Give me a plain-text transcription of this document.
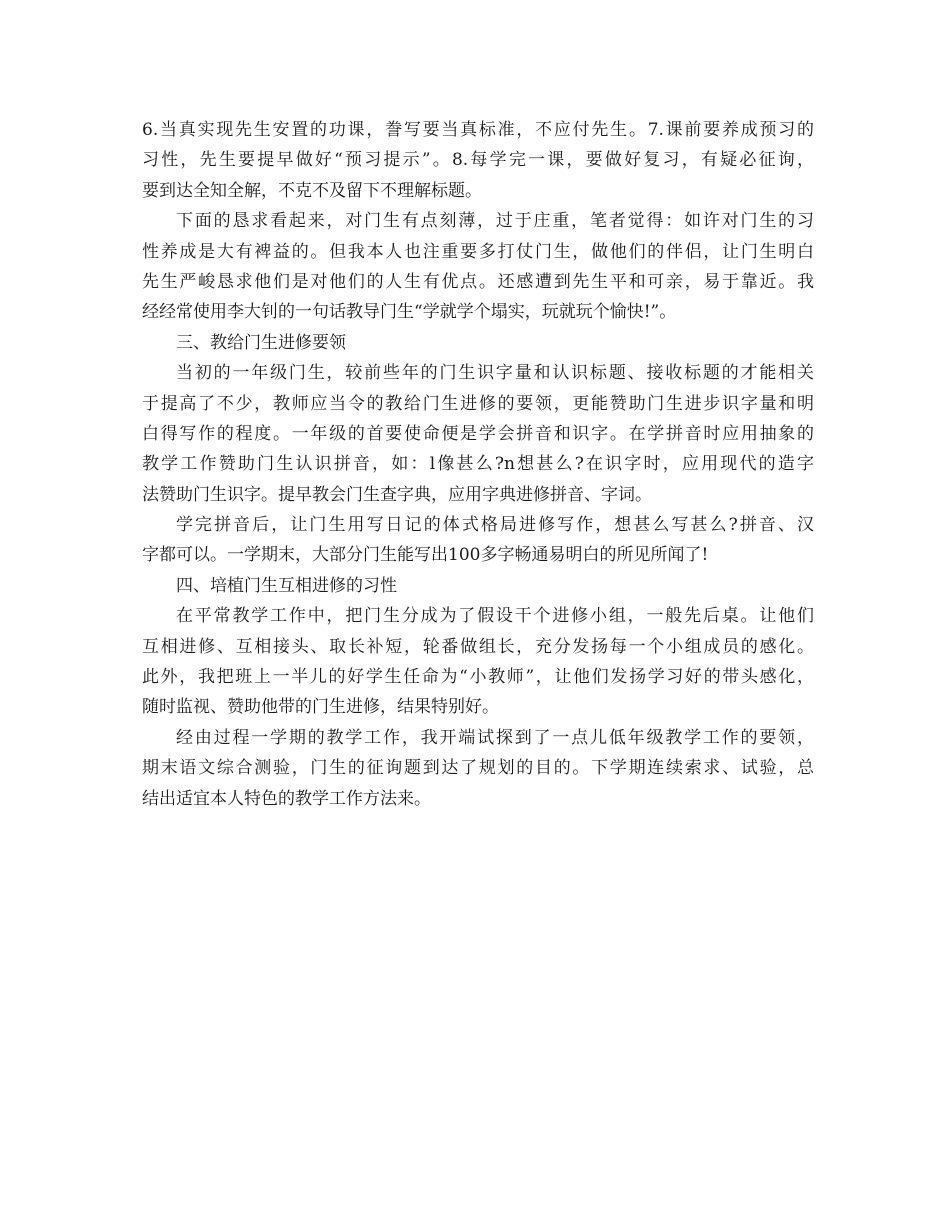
6.当真实现先生安置的功课，誊写要当真标准，不应付先生。7.课前要养成预习的
习性，先生要提早做好“预习提示”。8.每学完一课，要做好复习，有疑必征询，
要到达全知全解，不克不及留下不理解标题。
下面的恳求看起来，对门生有点刻薄，过于庄重，笔者觉得：如许对门生的习
性养成是大有裨益的。但我本人也注重要多打仗门生，做他们的伴侣，让门生明白
先生严峻恳求他们是对他们的人生有优点。还感遭到先生平和可亲，易于靠近。我
经经常使用李大钊的一句话教导门生“学就学个塌实，玩就玩个愉快!”。
三、教给门生进修要领
当初的一年级门生，较前些年的门生识字量和认识标题、接收标题的才能相关
于提高了不少，教师应当令的教给门生进修的要领，更能赞助门生进步识字量和明
白得写作的程度。一年级的首要使命便是学会拼音和识字。在学拼音时应用抽象的
教学工作赞助门生认识拼音，如：l像甚么?n想甚么?在识字时，应用现代的造字
法赞助门生识字。提早教会门生查字典，应用字典进修拼音、字词。
学完拼音后，让门生用写日记的体式格局进修写作，想甚么写甚么?拼音、汉
字都可以。一学期末，大部分门生能写出100多字畅通易明白的所见所闻了!
四、培植门生互相进修的习性
在平常教学工作中，把门生分成为了假设干个进修小组，一般先后桌。让他们
互相进修、互相接头、取长补短，轮番做组长，充分发扬每一个小组成员的感化。
此外，我把班上一半儿的好学生任命为“小教师”，让他们发扬学习好的带头感化，
随时监视、赞助他带的门生进修，结果特别好。
经由过程一学期的教学工作，我开端试探到了一点儿低年级教学工作的要领，
期末语文综合测验，门生的征询题到达了规划的目的。下学期连续索求、试验，总
结出适宜本人特色的教学工作方法来。
